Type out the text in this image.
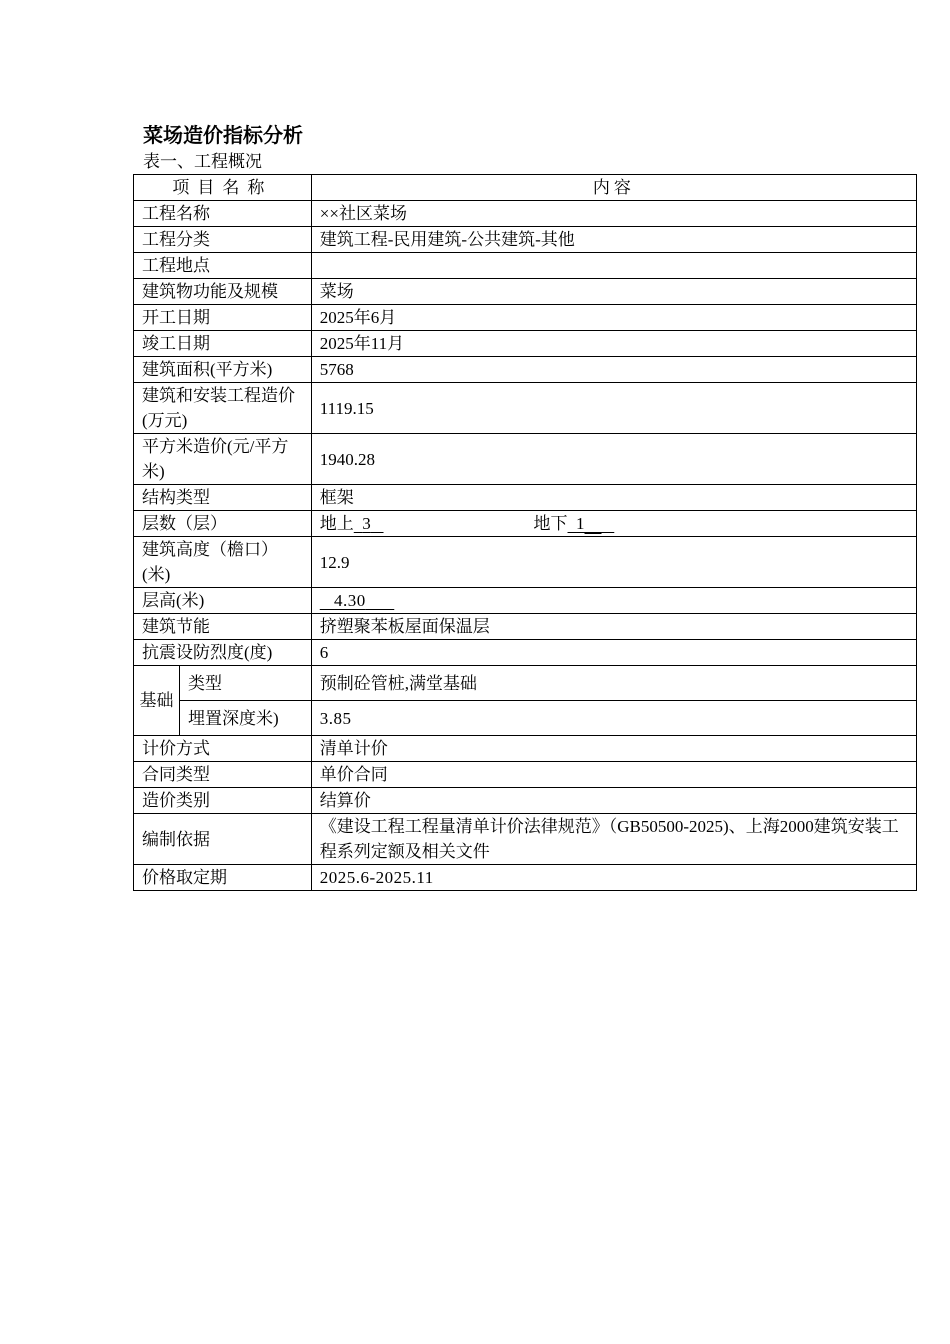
菜场造价指标分析
表一、工程概况
项目名称		内容
工程名称		××社区菜场
工程分类		建筑工程-民用建筑-公共建筑-其他
工程地点		
建筑物功能及规模		菜场
开工日期		2025年6月
竣工日期		2025年11月
建筑面积(平方米)		5768
建筑和安装工程造价(万元)		1119.15
平方米造价(元/平方米)		1940.28
结构类型		框架
层数（层）		地上 3 地下 1
建筑高度（檐口）(米)		12.9
层高(米)		4.30
建筑节能		挤塑聚苯板屋面保温层
抗震设防烈度(度)		6
基础	类型	预制砼管桩,满堂基础
	埋置深度米)	3.85
计价方式		清单计价
合同类型		单价合同
造价类别		结算价
编制依据		《建设工程工程量清单计价法律规范》（GB50500-2025)、上海2000建筑安装工程系列定额及相关文件
价格取定期		2025.6-2025.11
